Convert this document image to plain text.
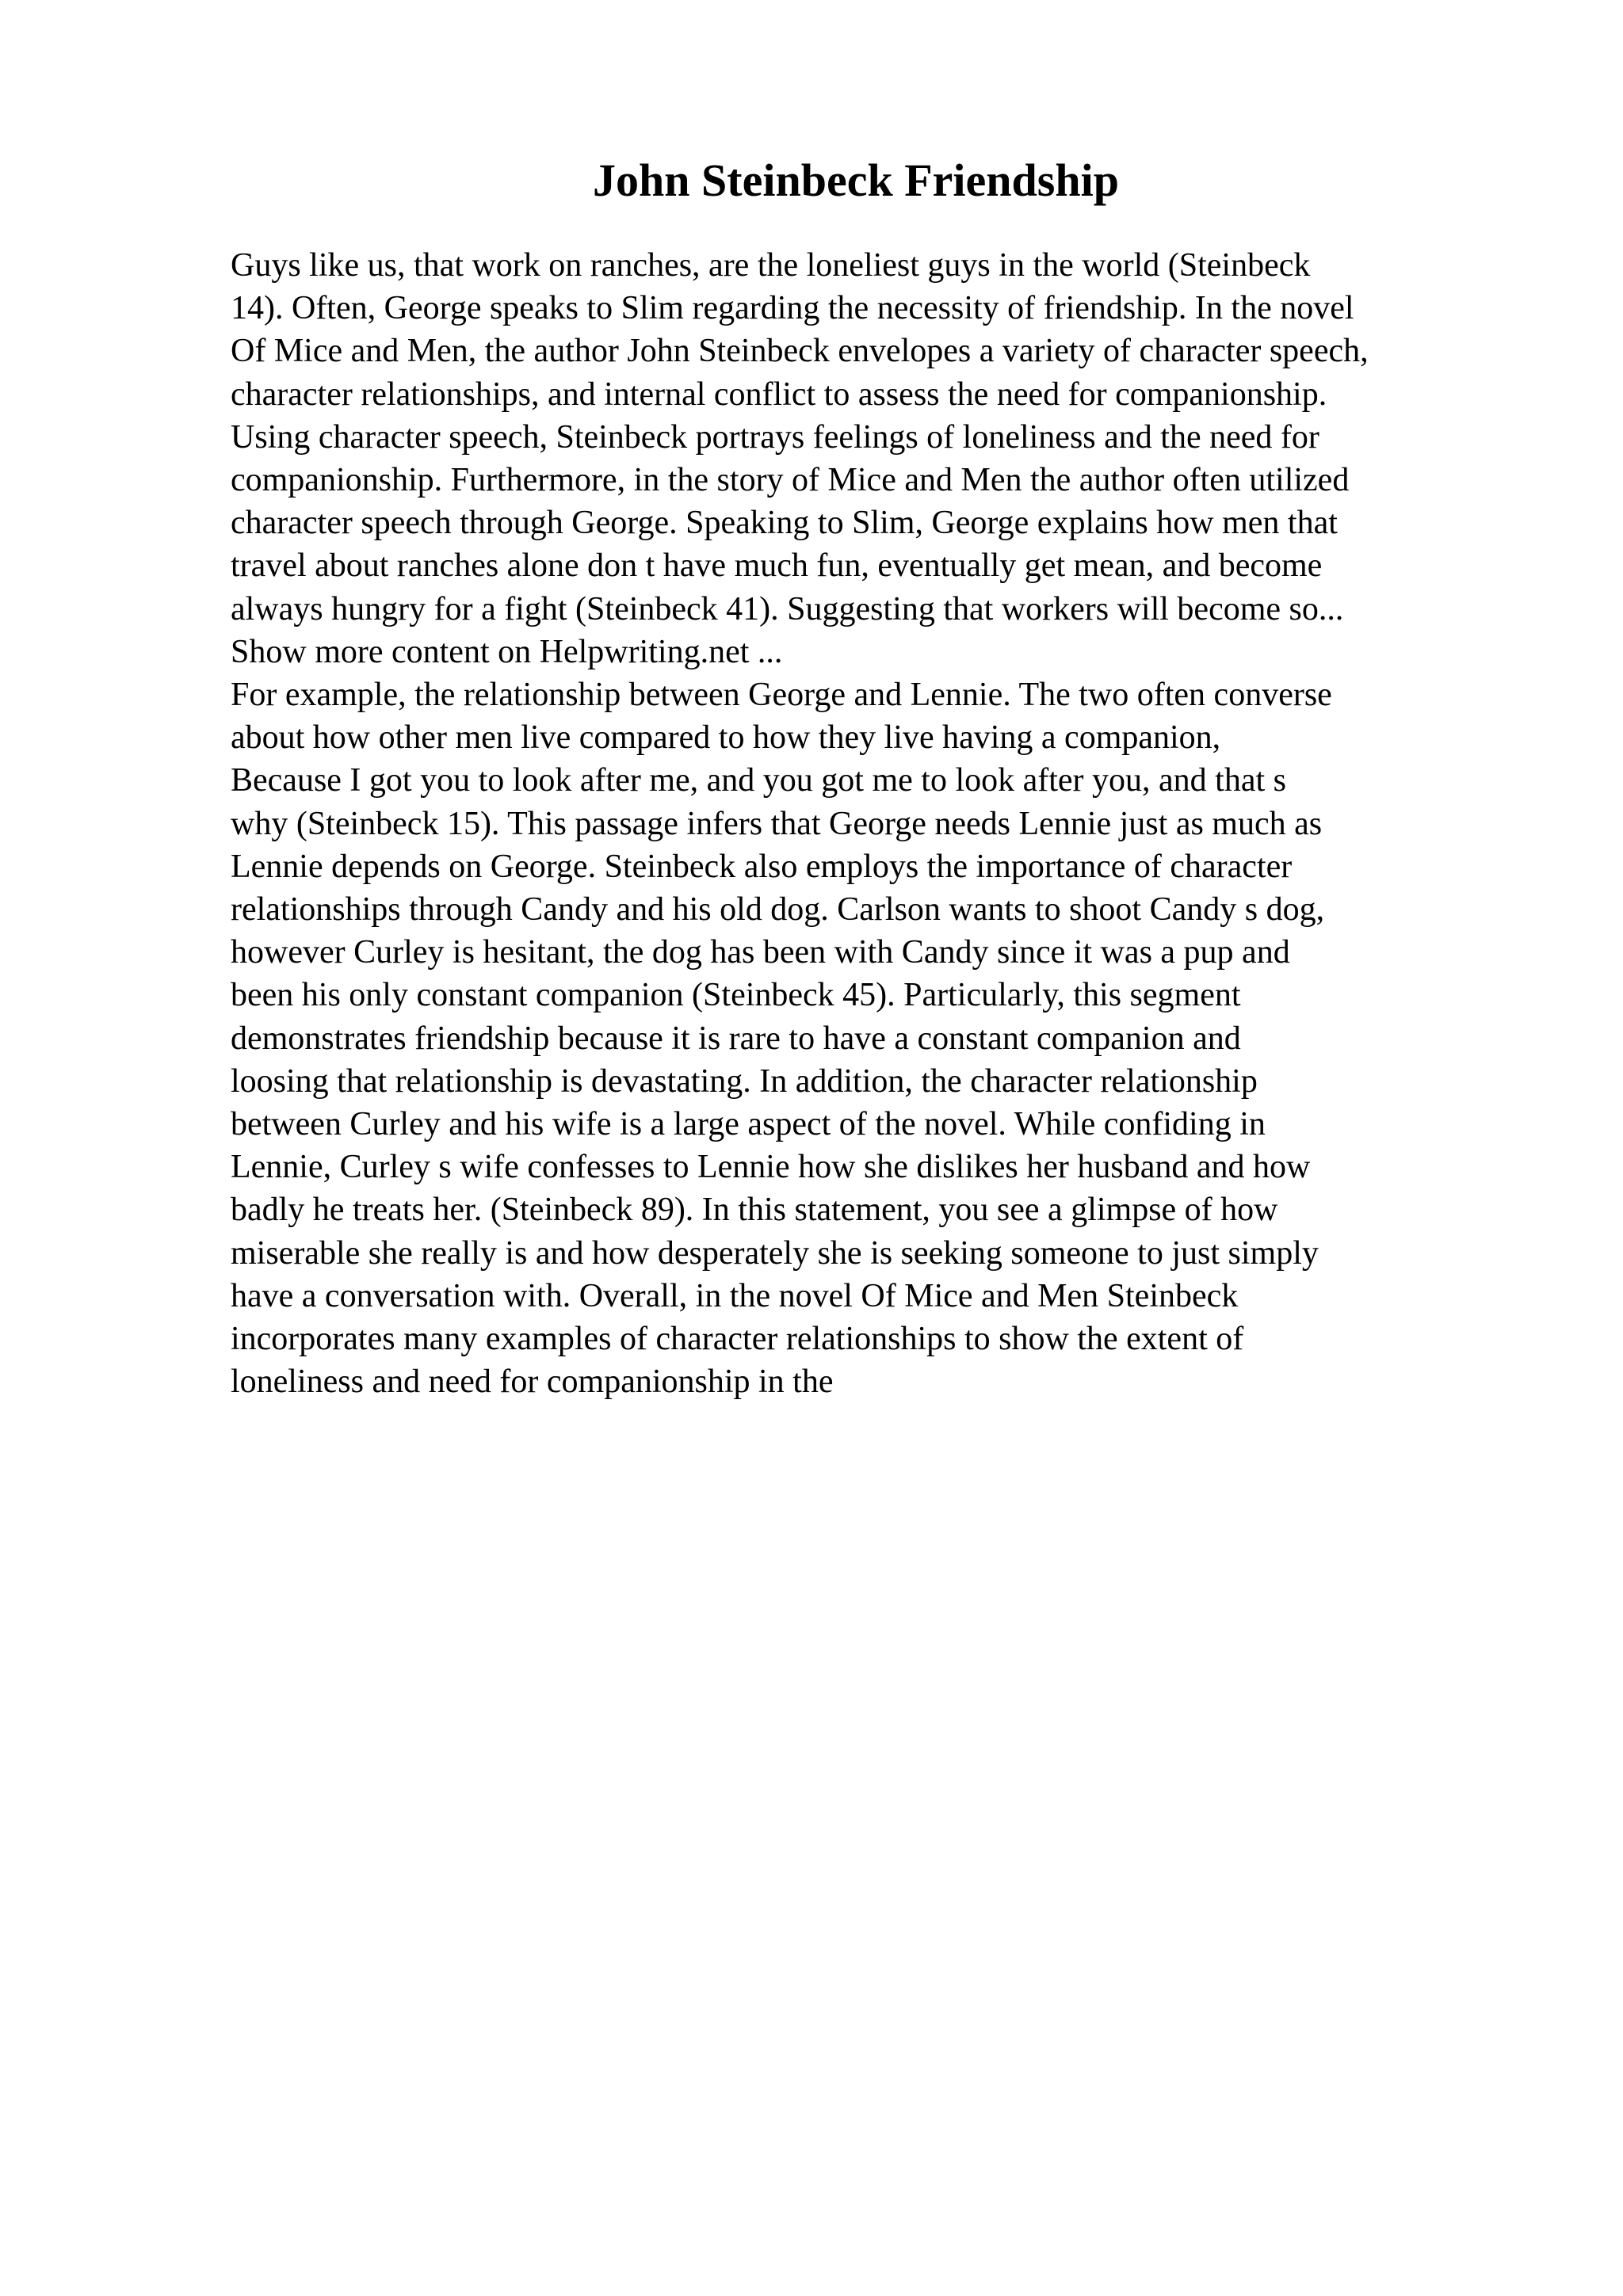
John Steinbeck Friendship
Guys like us, that work on ranches, are the loneliest guys in the world (Steinbeck
14). Often, George speaks to Slim regarding the necessity of friendship. In the novel
Of Mice and Men, the author John Steinbeck envelopes a variety of character speech,
character relationships, and internal conflict to assess the need for companionship.
Using character speech, Steinbeck portrays feelings of loneliness and the need for
companionship. Furthermore, in the story of Mice and Men the author often utilized
character speech through George. Speaking to Slim, George explains how men that
travel about ranches alone don t have much fun, eventually get mean, and become
always hungry for a fight (Steinbeck 41). Suggesting that workers will become so...
Show more content on Helpwriting.net ...
For example, the relationship between George and Lennie. The two often converse
about how other men live compared to how they live having a companion,
Because I got you to look after me, and you got me to look after you, and that s
why (Steinbeck 15). This passage infers that George needs Lennie just as much as
Lennie depends on George. Steinbeck also employs the importance of character
relationships through Candy and his old dog. Carlson wants to shoot Candy s dog,
however Curley is hesitant, the dog has been with Candy since it was a pup and
been his only constant companion (Steinbeck 45). Particularly, this segment
demonstrates friendship because it is rare to have a constant companion and
loosing that relationship is devastating. In addition, the character relationship
between Curley and his wife is a large aspect of the novel. While confiding in
Lennie, Curley s wife confesses to Lennie how she dislikes her husband and how
badly he treats her. (Steinbeck 89). In this statement, you see a glimpse of how
miserable she really is and how desperately she is seeking someone to just simply
have a conversation with. Overall, in the novel Of Mice and Men Steinbeck
incorporates many examples of character relationships to show the extent of
loneliness and need for companionship in the
